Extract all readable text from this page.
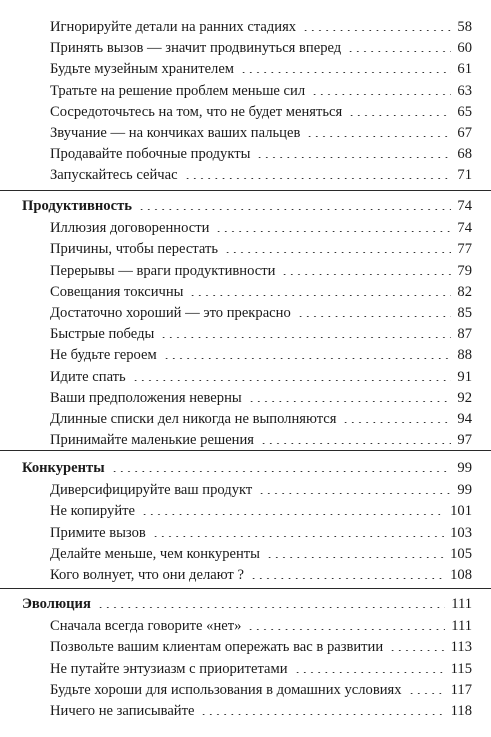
Игнорируйте детали на ранних стадиях	58
Принять вызов — значит продвинуться вперед	60
Будьте музейным хранителем	61
Тратьте на решение проблем меньше сил	63
Сосредоточьтесь на том, что не будет меняться	65
Звучание — на кончиках ваших пальцев	67
Продавайте побочные продукты	68
Запускайтесь сейчас	71
Продуктивность	74
Иллюзия договоренности	74
Причины, чтобы перестать	77
Перерывы — враги продуктивности	79
Совещания токсичны	82
Достаточно хороший — это прекрасно	85
Быстрые победы	87
Не будьте героем	88
Идите спать	91
Ваши предположения неверны	92
Длинные списки дел никогда не выполняются	94
Принимайте маленькие решения	97
Конкуренты	99
Диверсифицируйте ваш продукт	99
Не копируйте	101
Примите вызов	103
Делайте меньше, чем конкуренты	105
Кого волнует, что они делают ?	108
Эволюция	111
Сначала всегда говорите «нет»	111
Позвольте вашим клиентам опережать вас в развитии	113
Не путайте энтузиазм с приоритетами	115
Будьте хороши для использования в домашних условиях	117
Ничего не записывайте	118
